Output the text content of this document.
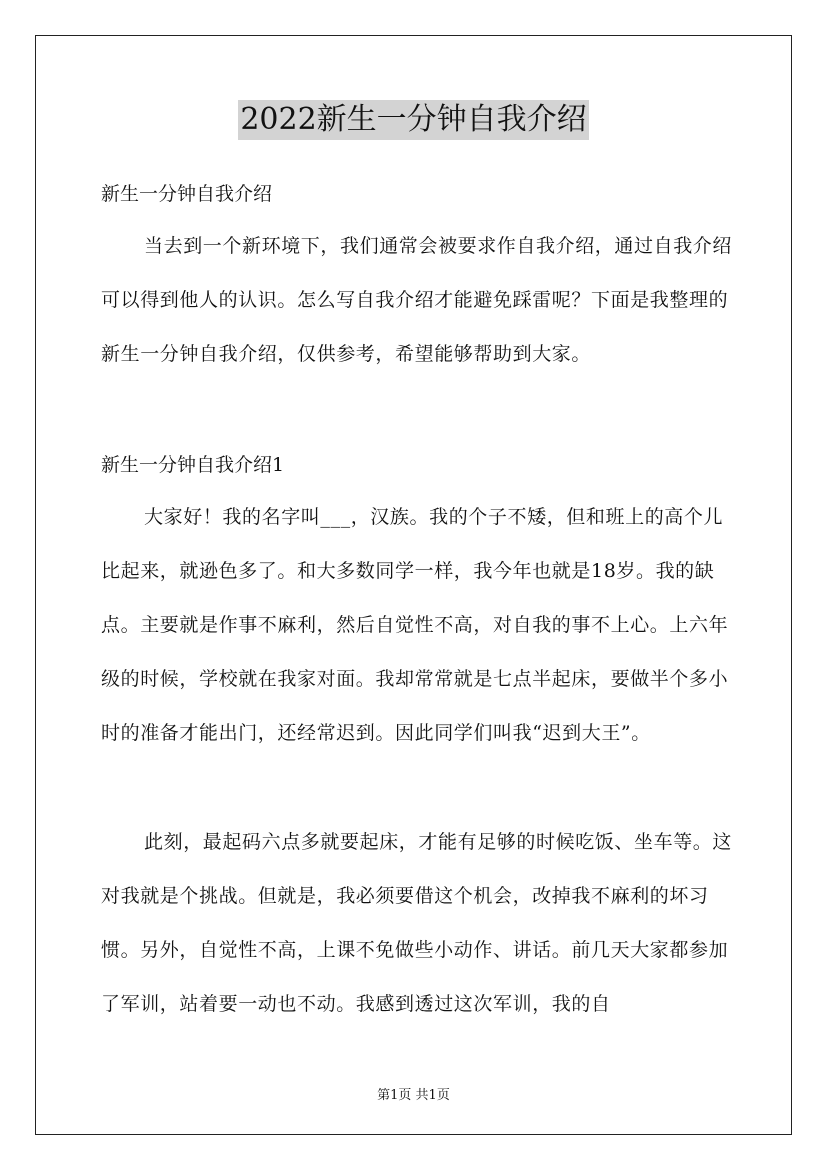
2022新生一分钟自我介绍

新生一分钟自我介绍

当去到一个新环境下，我们通常会被要求作自我介绍，通过自我介绍可以得到他人的认识。怎么写自我介绍才能避免踩雷呢？下面是我整理的新生一分钟自我介绍，仅供参考，希望能够帮助到大家。

新生一分钟自我介绍1

大家好！我的名字叫___，汉族。我的个子不矮，但和班上的高个儿比起来，就逊色多了。和大多数同学一样，我今年也就是18岁。我的缺点。主要就是作事不麻利，然后自觉性不高，对自我的事不上心。上六年级的时候，学校就在我家对面。我却常常就是七点半起床，要做半个多小时的准备才能出门，还经常迟到。因此同学们叫我“迟到大王”。

此刻，最起码六点多就要起床，才能有足够的时候吃饭、坐车等。这对我就是个挑战。但就是，我必须要借这个机会，改掉我不麻利的坏习惯。另外，自觉性不高，上课不免做些小动作、讲话。前几天大家都参加了军训，站着要一动也不动。我感到透过这次军训，我的自

第1页 共1页
